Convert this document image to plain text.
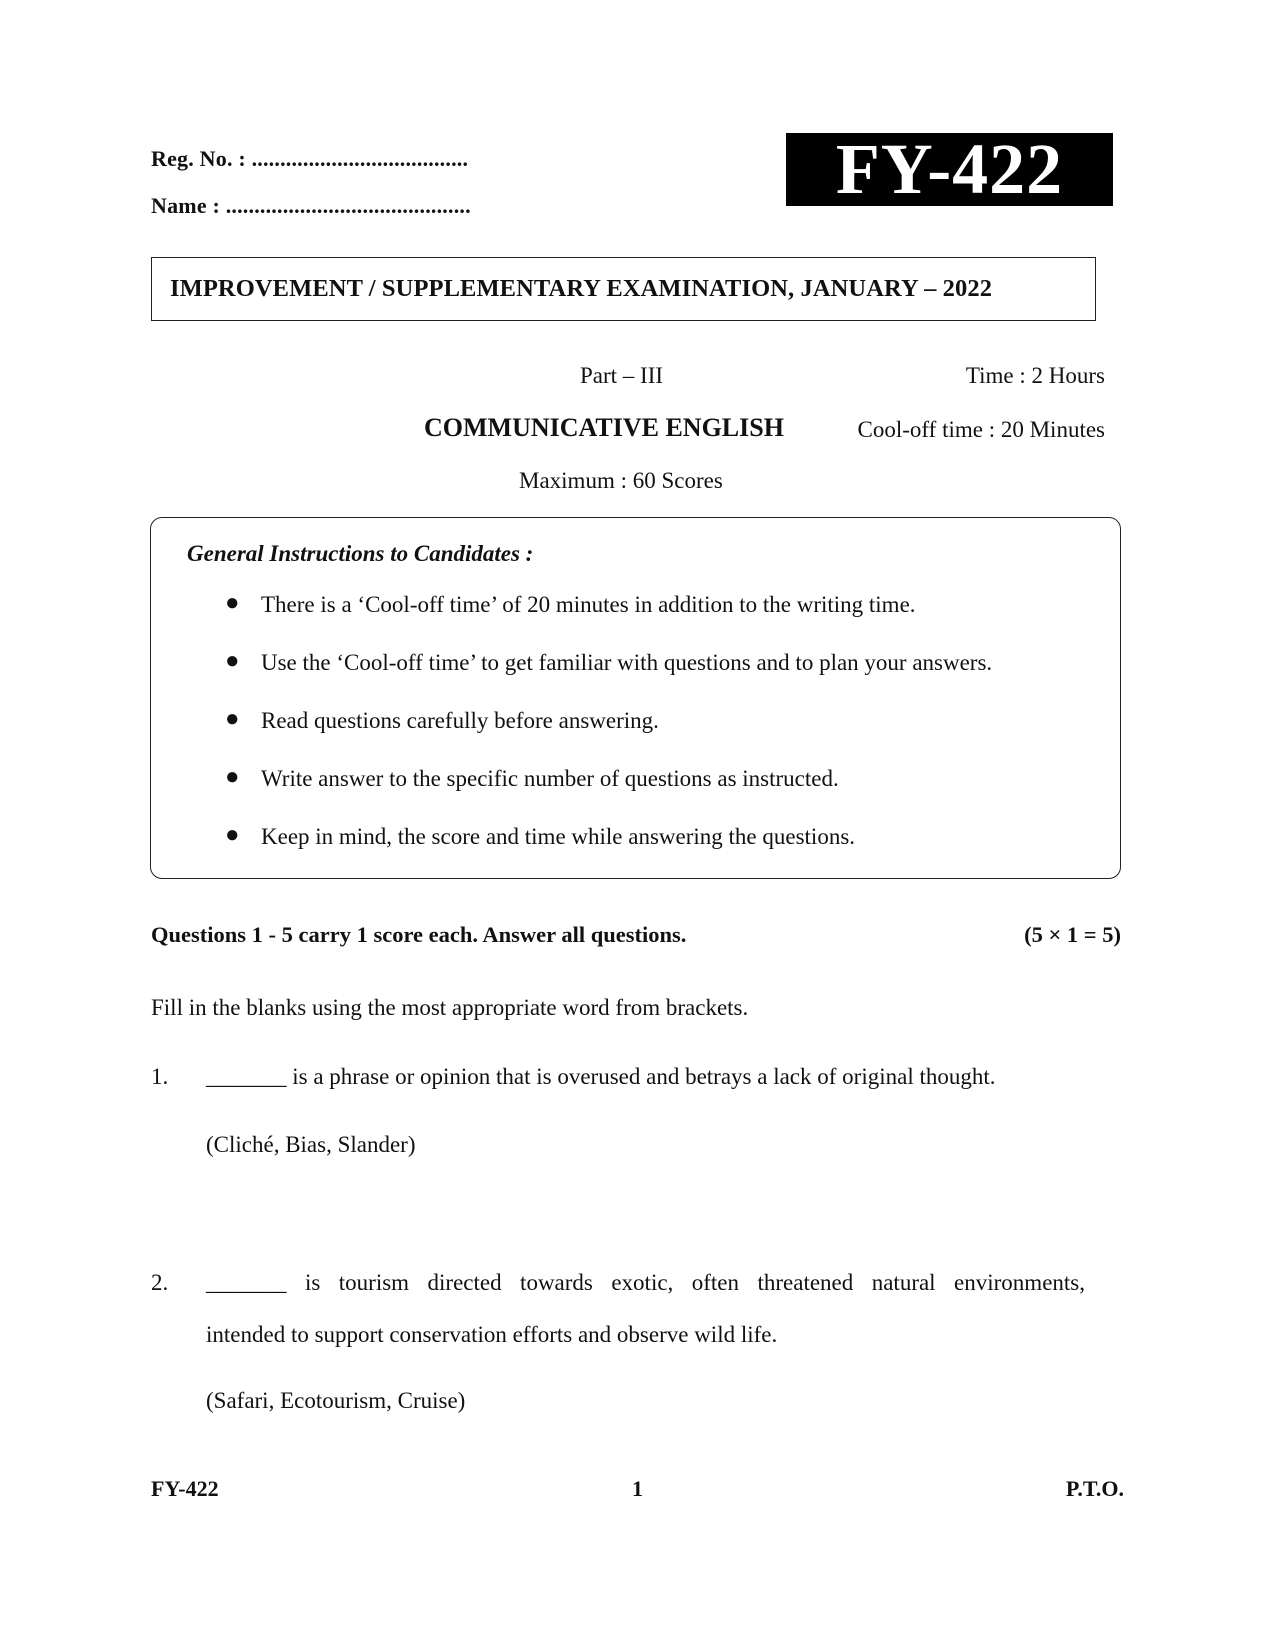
Reg. No. : ......................................
Name : ...........................................	FY-422
IMPROVEMENT / SUPPLEMENTARY EXAMINATION, JANUARY – 2022
Part – III	Time : 2 Hours
COMMUNICATIVE ENGLISH	Cool-off time : 20 Minutes
Maximum : 60 Scores
General Instructions to Candidates :
● There is a ‘Cool-off time’ of 20 minutes in addition to the writing time.
● Use the ‘Cool-off time’ to get familiar with questions and to plan your answers.
● Read questions carefully before answering.
● Write answer to the specific number of questions as instructed.
● Keep in mind, the score and time while answering the questions.
Questions 1 - 5 carry 1 score each. Answer all questions.	(5 × 1 = 5)
Fill in the blanks using the most appropriate word from brackets.
1. _______ is a phrase or opinion that is overused and betrays a lack of original thought.
(Cliché, Bias, Slander)
2. _______ is tourism directed towards exotic, often threatened natural environments,
intended to support conservation efforts and observe wild life.
(Safari, Ecotourism, Cruise)
FY-422	1	P.T.O.
